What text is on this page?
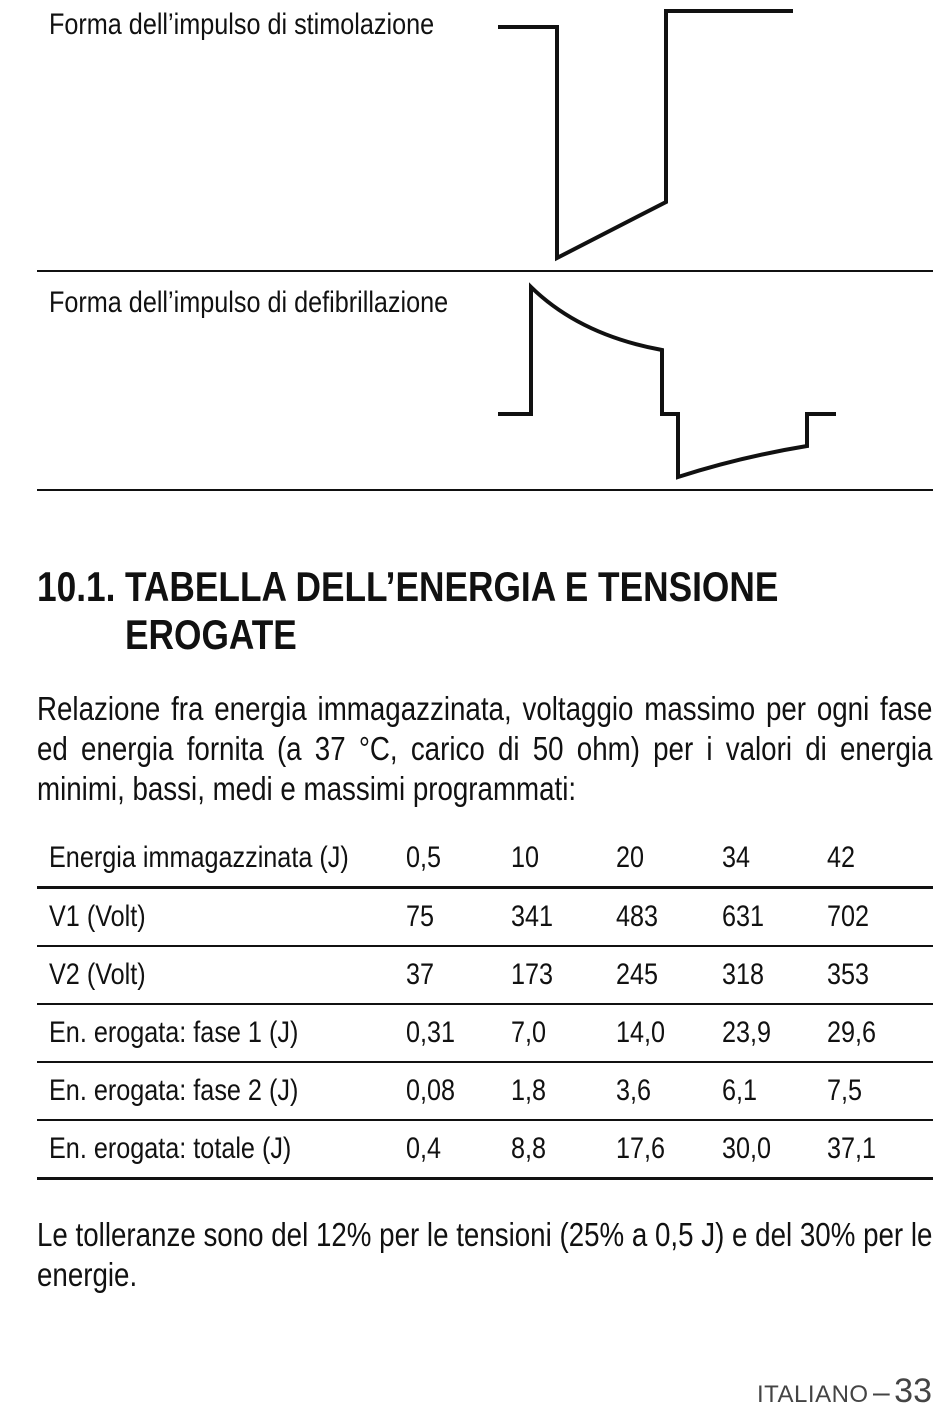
Forma dell’impulso di stimolazione
Forma dell’impulso di defibrillazione
10.1. TABELLA DELL’ENERGIA E TENSIONE
EROGATE
Relazione fra energia immagazzinata, voltaggio massimo per ogni fase ed energia fornita (a 37 °C, carico di 50 ohm) per i valori di energia minimi, bassi, medi e massimi programmati:
Energia immagazzinata (J)	0,5	10	20	34	42
V1 (Volt)	75	341	483	631	702
V2 (Volt)	37	173	245	318	353
En. erogata: fase 1 (J)	0,31	7,0	14,0	23,9	29,6
En. erogata: fase 2 (J)	0,08	1,8	3,6	6,1	7,5
En. erogata: totale (J)	0,4	8,8	17,6	30,0	37,1
Le tolleranze sono del 12% per le tensioni (25% a 0,5 J) e del 30% per le energie.
ITALIANO – 33
